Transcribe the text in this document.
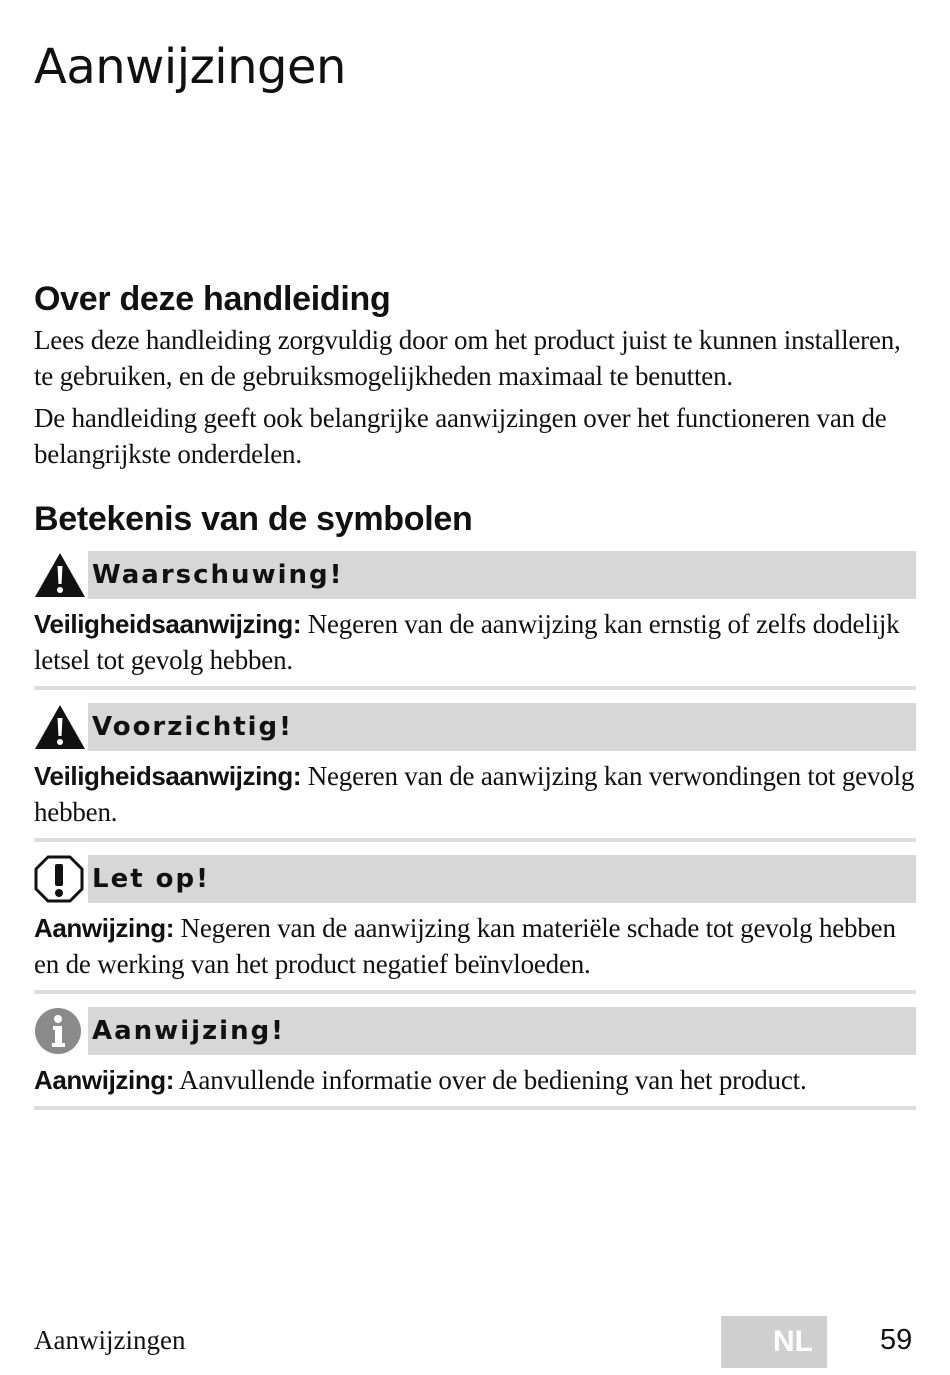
Aanwijzingen
Over deze handleiding

Lees deze handleiding zorgvuldig door om het product juist te kunnen installeren, te gebruiken, en de gebruiksmogelijkheden maximaal te benutten.

De handleiding geeft ook belangrijke aanwijzingen over het functioneren van de belangrijkste onderdelen.

Betekenis van de symbolen
Waarschuwing!

Veiligheidsaanwijzing: Negeren van de aanwijzing kan ernstig of zelfs dodelijk letsel tot gevolg hebben.

Voorzichtig!

Veiligheidsaanwijzing: Negeren van de aanwijzing kan verwondingen tot gevolg hebben.

Let op!

Aanwijzing: Negeren van de aanwijzing kan materiële schade tot gevolg hebben en de werking van het product negatief beïnvloeden.

Aanwijzing!

Aanwijzing: Aanvullende informatie over de bediening van het product.

Aanwijzingen	NL	59
